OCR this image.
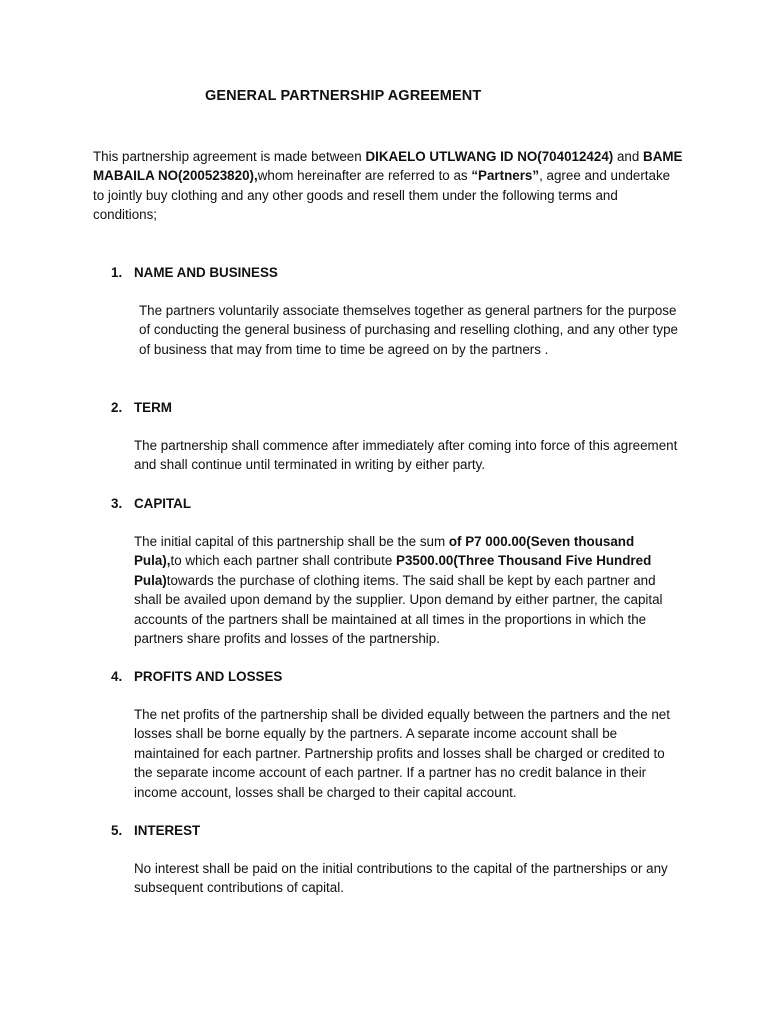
GENERAL PARTNERSHIP AGREEMENT

This partnership agreement is made between DIKAELO UTLWANG ID NO(704012424) and BAME MABAILA NO(200523820),whom hereinafter are referred to as “Partners”, agree and undertake to jointly buy clothing and any other goods and resell them under the following terms and conditions;

1. NAME AND BUSINESS

The partners voluntarily associate themselves together as general partners for the purpose of conducting the general business of purchasing and reselling clothing, and any other type of business that may from time to time be agreed on by the partners .

2. TERM

The partnership shall commence after immediately after coming into force of this agreement and shall continue until terminated in writing by either party.

3. CAPITAL

The initial capital of this partnership shall be the sum of P7 000.00(Seven thousand Pula),to which each partner shall contribute P3500.00(Three Thousand Five Hundred Pula)towards the purchase of clothing items. The said shall be kept by each partner and shall be availed upon demand by the supplier. Upon demand by either partner, the capital accounts of the partners shall be maintained at all times in the proportions in which the partners share profits and losses of the partnership.

4. PROFITS AND LOSSES

The net profits of the partnership shall be divided equally between the partners and the net losses shall be borne equally by the partners. A separate income account shall be maintained for each partner. Partnership profits and losses shall be charged or credited to the separate income account of each partner. If a partner has no credit balance in their income account, losses shall be charged to their capital account.

5. INTEREST

No interest shall be paid on the initial contributions to the capital of the partnerships or any subsequent contributions of capital.
